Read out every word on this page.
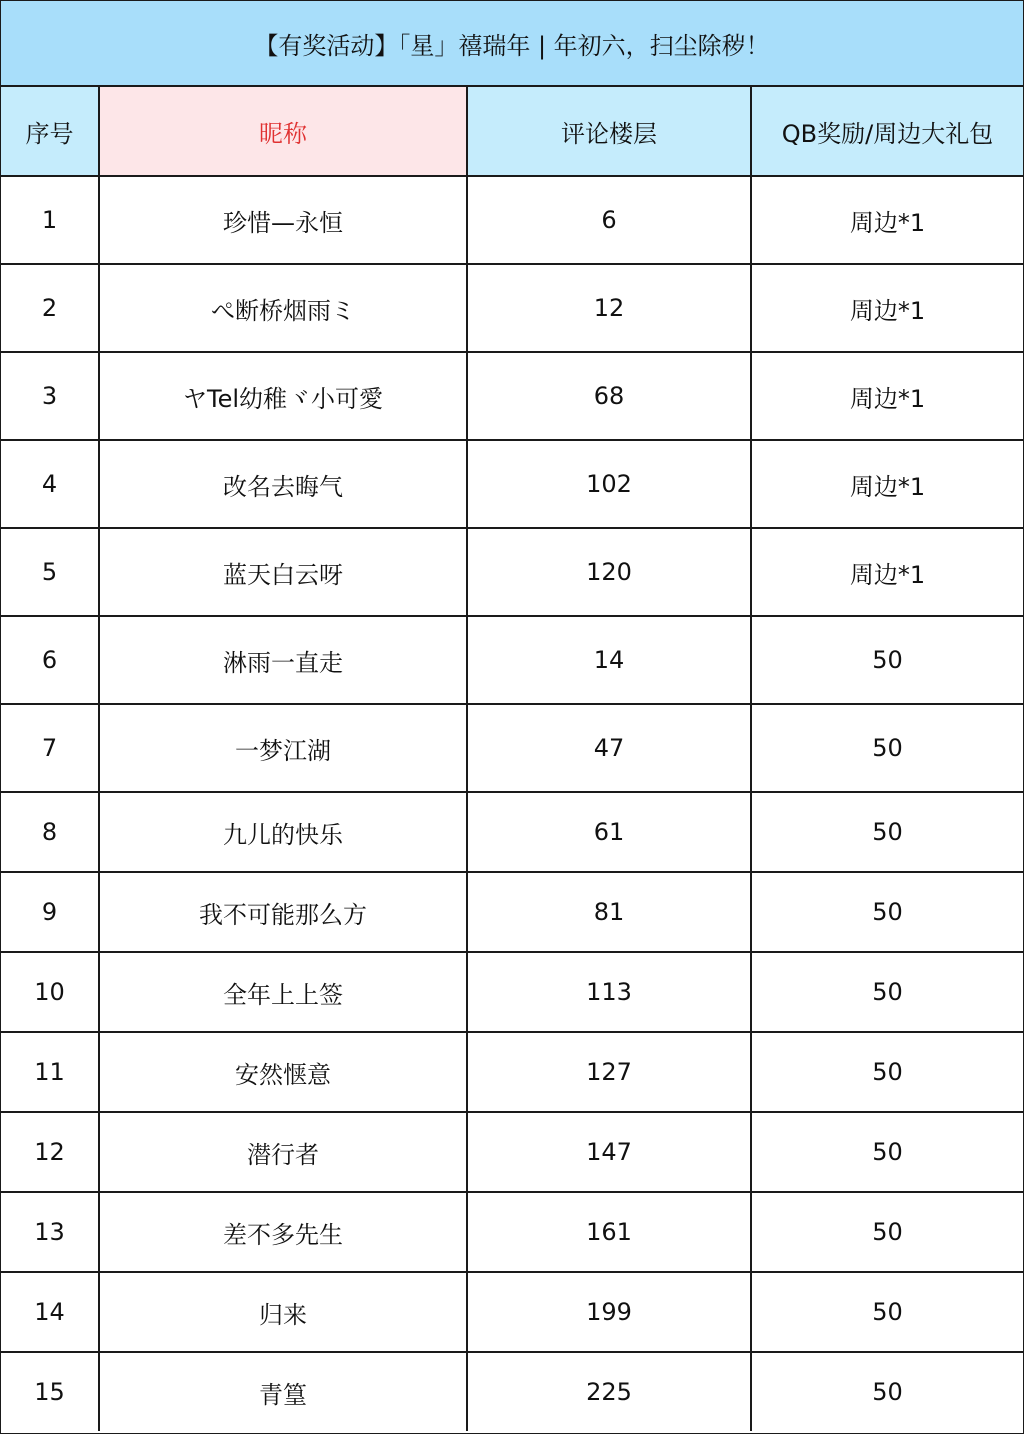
【有奖活动】「星」禧瑞年 | 年初六，扫尘除秽！
序号	昵称	评论楼层	QB奖励/周边大礼包
1	珍惜—永恒	6	周边*1
2	ぺ断桥烟雨ミ	12	周边*1
3	ヤTel幼稚ヾ小可愛	68	周边*1
4	改名去晦气	102	周边*1
5	蓝天白云呀	120	周边*1
6	淋雨一直走	14	50
7	一梦江湖	47	50
8	九儿的快乐	61	50
9	我不可能那么方	81	50
10	全年上上签	113	50
11	安然惬意	127	50
12	潜行者	147	50
13	差不多先生	161	50
14	归来	199	50
15	青篁	225	50
